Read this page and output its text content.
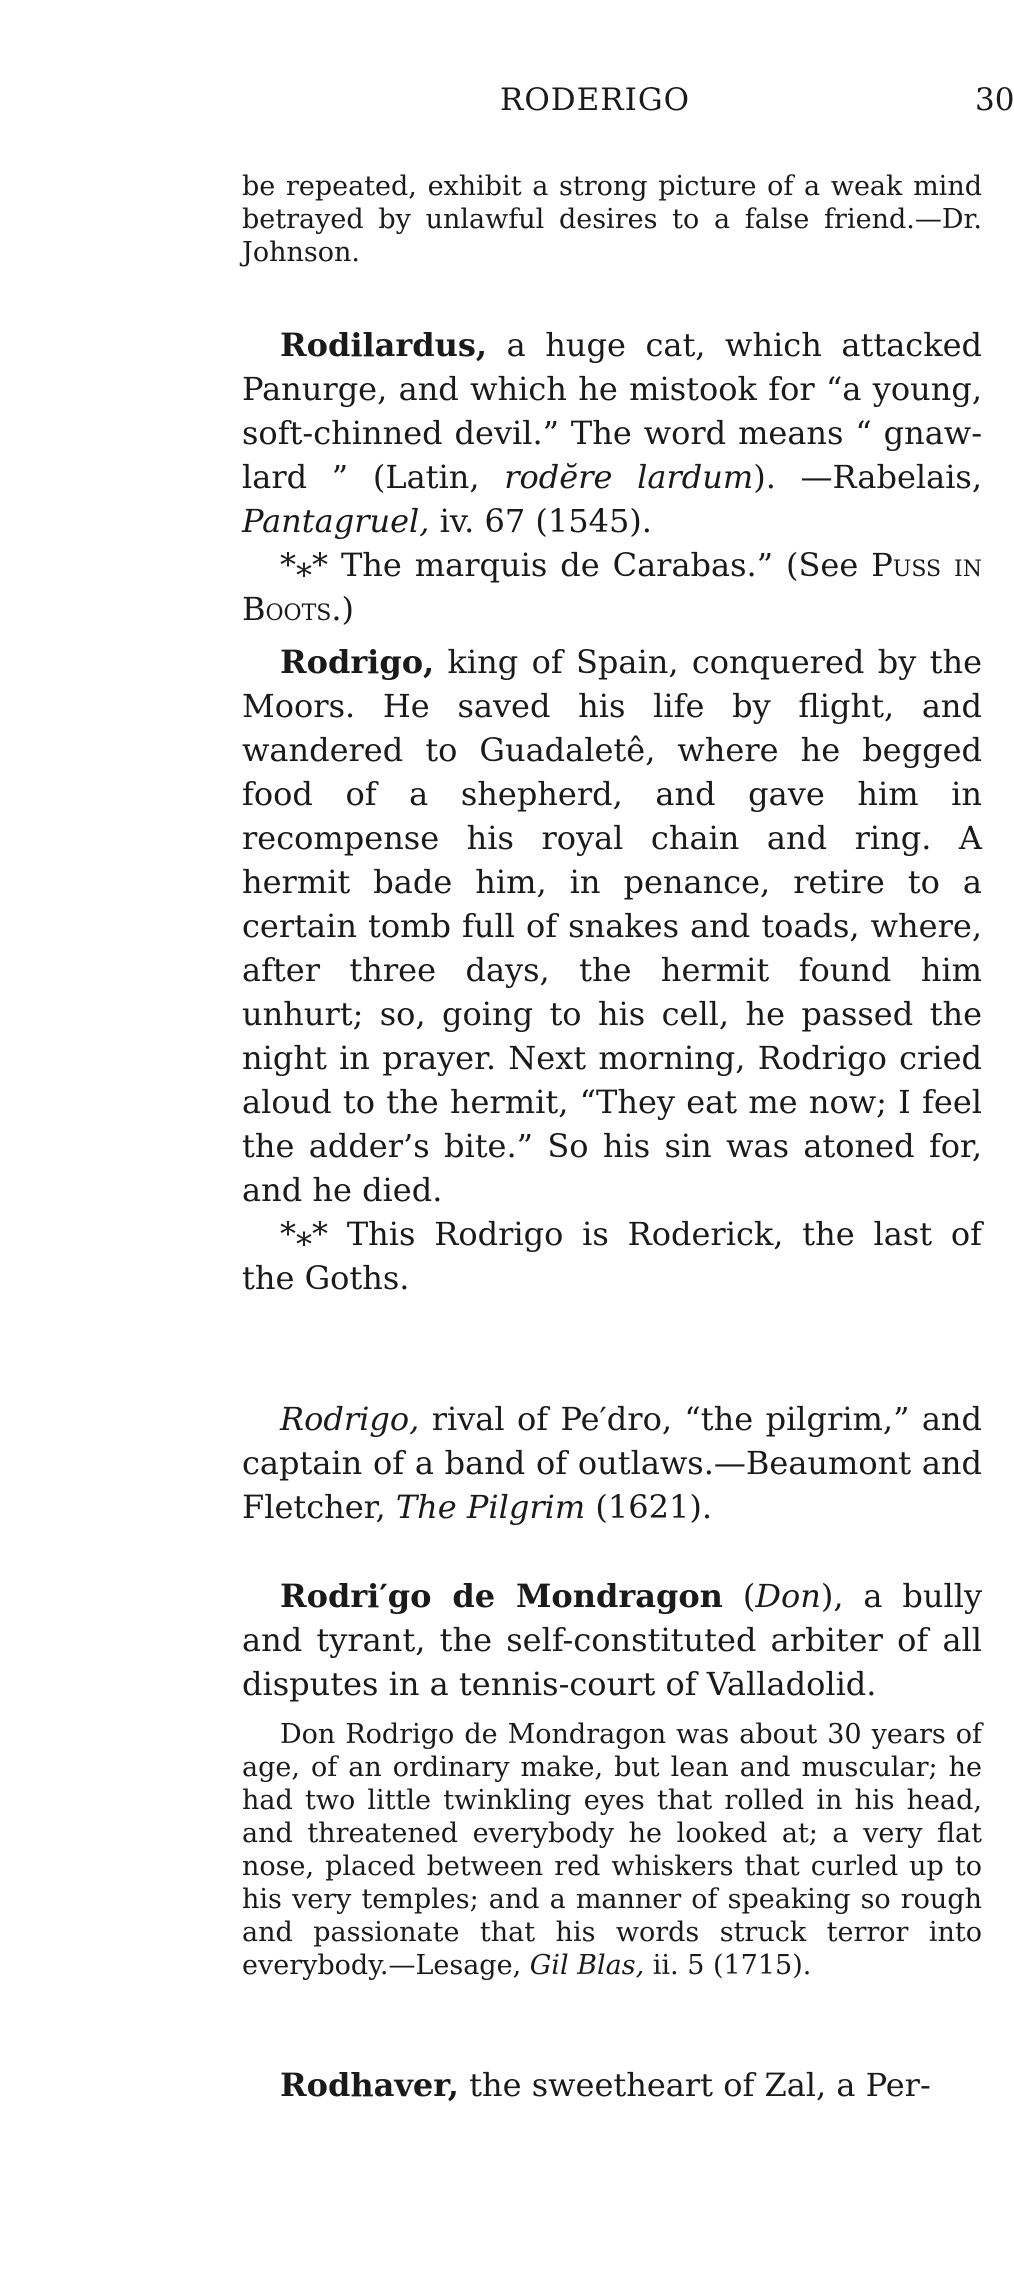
RODERIGO	30

be repeated, exhibit a strong picture of a weak mind betrayed by unlawful desires to a false friend.—Dr. Johnson.

Rodilardus, a huge cat, which attacked Panurge, and which he mistook for “a young, soft-chinned devil.” The word means “ gnaw-lard ” (Latin, rodĕre lardum). —Rabelais, Pantagruel, iv. 67 (1545).

*⁎* The marquis de Carabas.” (See Puss in Boots.)

Rodrigo, king of Spain, conquered by the Moors. He saved his life by flight, and wandered to Guadaletê, where he begged food of a shepherd, and gave him in recompense his royal chain and ring. A hermit bade him, in penance, retire to a certain tomb full of snakes and toads, where, after three days, the hermit found him unhurt; so, going to his cell, he passed the night in prayer. Next morning, Rodrigo cried aloud to the hermit, “They eat me now; I feel the adder’s bite.” So his sin was atoned for, and he died.

*⁎* This Rodrigo is Roderick, the last of the Goths.

Rodrigo, rival of Pe′dro, “the pilgrim,” and captain of a band of outlaws.—Beaumont and Fletcher, The Pilgrim (1621).

Rodri′go de Mondragon (Don), a bully and tyrant, the self-constituted arbiter of all disputes in a tennis-court of Valladolid.

Don Rodrigo de Mondragon was about 30 years of age, of an ordinary make, but lean and muscular; he had two little twinkling eyes that rolled in his head, and threatened everybody he looked at; a very flat nose, placed between red whiskers that curled up to his very temples; and a manner of speaking so rough and passionate that his words struck terror into everybody.—Lesage, Gil Blas, ii. 5 (1715).

Rodhaver, the sweetheart of Zal, a Per-
